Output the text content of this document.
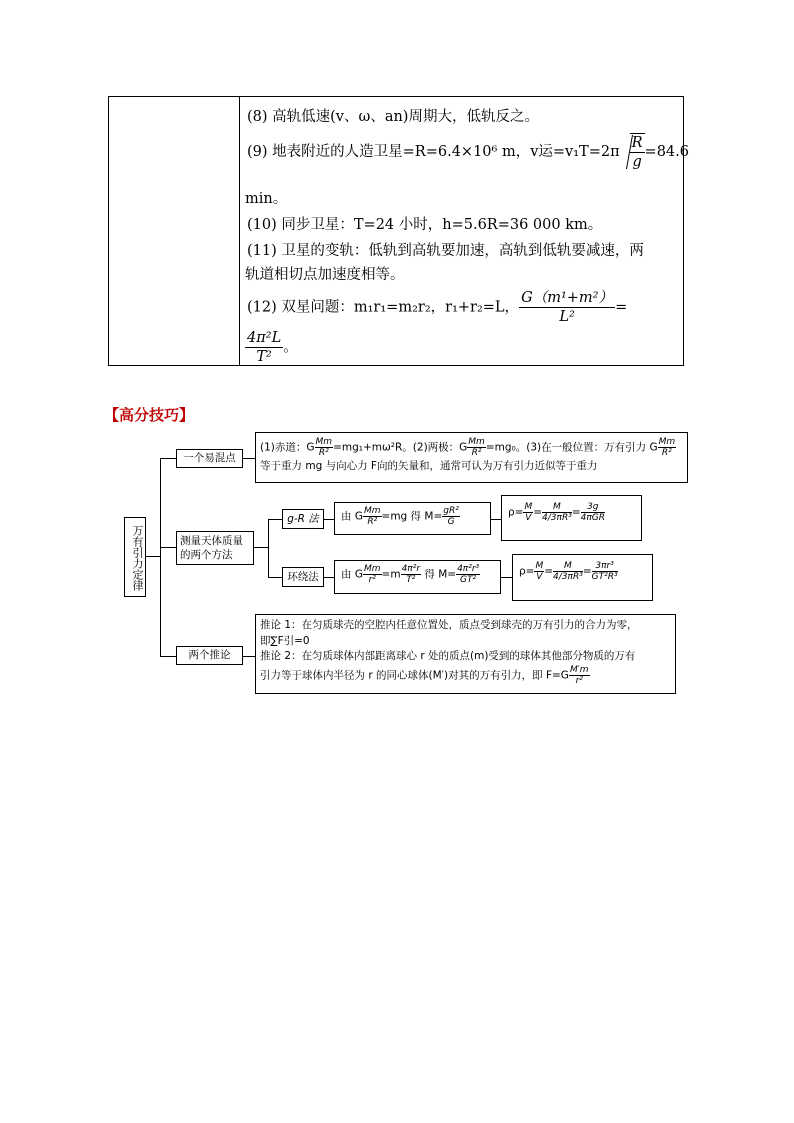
(8) 高轨低速(v、ω、an)周期大，低轨反之。
(9) 地表附近的人造卫星=R=6.4×10⁶ m，v运$=v_1T=2\pi \frac{R}{g} =84.6$
min。
(10) 同步卫星：T=24 小时，h=5.6R=36 000 km。
(11) 卫星的变轨：低轨到高轨要加速，高轨到低轨要减速，两
轨道相切点加速度相等。
(12) 双星问题：m₁r₁=m₂r₂，r₁+r₂=L， $\frac{\text{G（m¹+m²）}}{\text{L²}}$ =
$\frac{\text{4π²L}}{\text{T²}}$ 。
【高分技巧】
万有引力定律
一个易混点
(1)赤道：G $\frac{Mm}{\text{R²}} =mg_1+m\omega^2R$。(2)两极：G $\frac{Mm}{\text{R²}} =mg_0$。(3)在一般位置：万有引力 G $\frac{Mm}{\text{R²}}$
等于重力 mg 与向心力 F向的矢量和，通常可认为万有引力近似等于重力
测量天体质量的两个方法
g-R 法	由 G $\frac{Mm}{\text{R²}} =mg$ 得 $M= \frac{\text{gR²}}{G}$	$\rho= \frac{M}{V} = \frac{M}{\text{4/3πR³}} = \frac{3g}{\text{4πGR}}$
环绕法	由 G $\frac{Mm}{\text{r²}} =m \frac{\text{4π²r}}{\text{T²}}$ 得 $M= \frac{\text{4π²r³}}{\text{GT²}}$	$\rho= \frac{M}{V} = \frac{M}{\text{4/3πR³}} = \frac{\text{3πr³}}{\text{GT²R³}}$
两个推论
推论 1：在匀质球壳的空腔内任意位置处，质点受到球壳的万有引力的合力为零，
即∑F引=0
推论 2：在匀质球体内部距离球心 r 处的质点(m)受到的球体其他部分物质的万有
引力等于球体内半径为 r 的同心球体(M′)对其的万有引力，即 $F=G \frac{M'm}{\text{r²}}$
